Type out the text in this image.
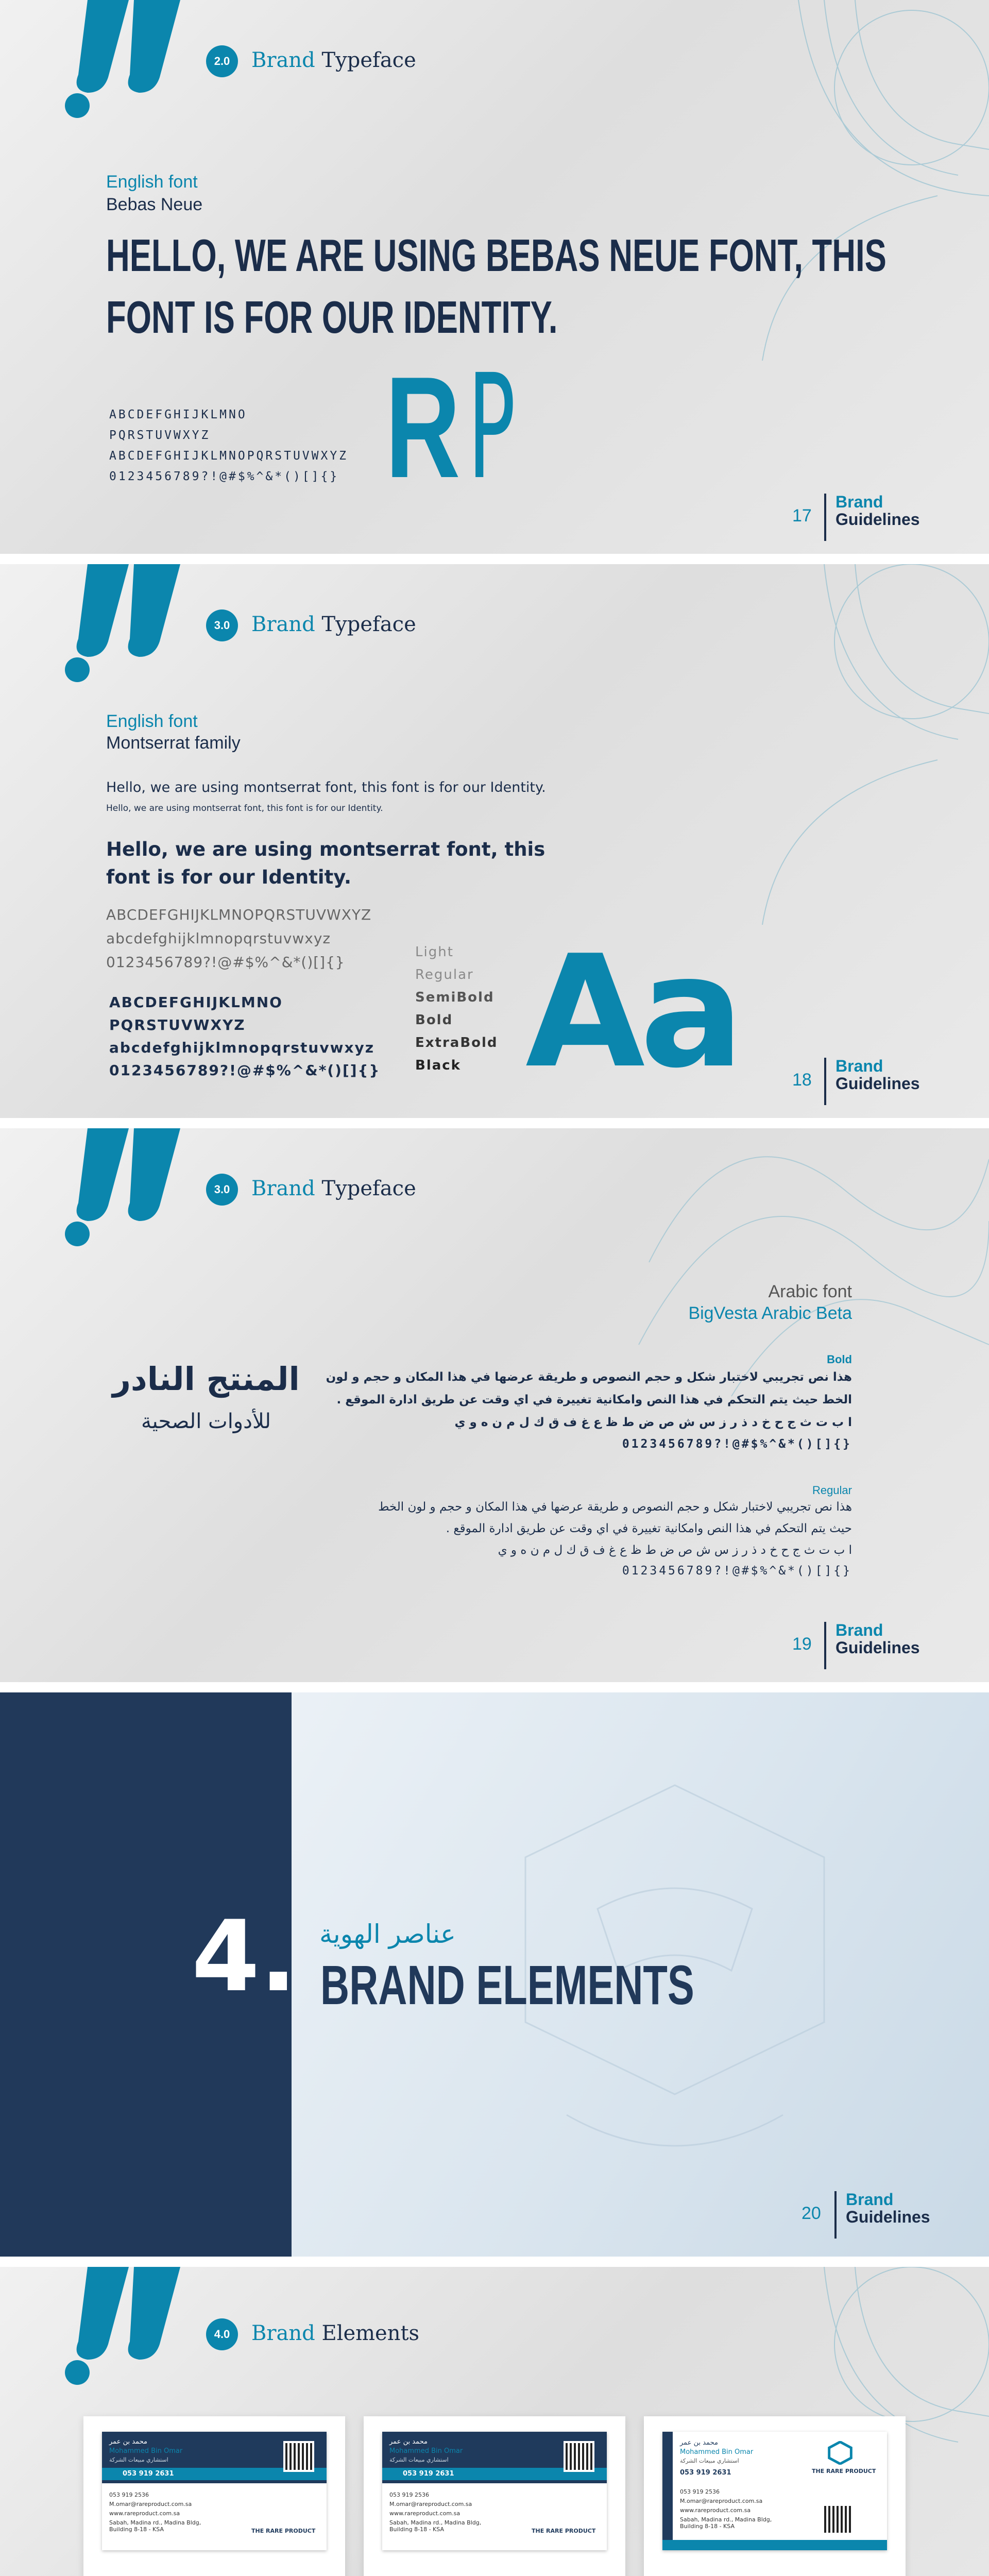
2.0	Brand Typeface
English font
Bebas Neue
HELLO, WE ARE USING BEBAS NEUE FONT, THIS
FONT IS FOR OUR IDENTITY.
ABCDEFGHIJKLMNO
PQRSTUVWXYZ
ABCDEFGHIJKLMNOPQRSTUVWXYZ
0123456789?!@#$%^&*()[]{} R P
17
Brand
Guidelines
3.0	Brand Typeface
English font
Montserrat family
Hello, we are using montserrat font, this font is for our Identity.
Hello, we are using montserrat font, this font is for our Identity.
Hello, we are using montserrat font, this
font is for our Identity.
ABCDEFGHIJKLMNOPQRSTUVWXYZ
abcdefghijklmnopqrstuvwxyz
0123456789?!@#$%^&*()[]{}
ABCDEFGHIJKLMNO
PQRSTUVWXYZ
abcdefghijklmnopqrstuvwxyz
0123456789?!@#$%^&*()[]{}
Light
Regular
SemiBold
Bold
ExtraBold
Black Aa	18
Brand
Guidelines
3.0	Brand Typeface
Arabic font
BigVesta Arabic Beta
المنتج النادر
للأدوات الصحية
Bold
هذا نص تجريبي لاختبار شكل و حجم النصوص و طريقة عرضها في هذا المكان و حجم و لون
الخط حيث يتم التحكم في هذا النص وامكانية تغييرة في اي وقت عن طريق ادارة الموقع .
ا ب ت ث ج ح خ د ذ ر ز س ش ص ض ط ظ ع غ ف ق ك ل م ن ه و ي
0123456789?!@#$%^&*()[]{}
Regular
هذا نص تجريبي لاختبار شكل و حجم النصوص و طريقة عرضها في هذا المكان و حجم و لون الخط
حيث يتم التحكم في هذا النص وامكانية تغييرة في اي وقت عن طريق ادارة الموقع .
ا ب ت ث ج ح خ د ذ ر ز س ش ص ض ط ظ ع غ ف ق ك ل م ن ه و ي
0123456789?!@#$%^&*()[]{}
19
Brand
Guidelines
4. عناصر الهوية
BRAND ELEMENTS
20
Brand
Guidelines
4.0	Brand Elements
محمد بن عمر
Mohammed Bin Omar
استشاري مبيعات الشركة
053 919 2631
053 919 2536
M.omar@rareproduct.com.sa
www.rareproduct.com.sa
Sabah, Madina rd., Madina Bldg, Building 8-18 - KSA	THE RARE PRODUCT
محمد بن عمر
Mohammed Bin Omar
استشاري مبيعات الشركة
053 919 2631
053 919 2536
M.omar@rareproduct.com.sa
www.rareproduct.com.sa
Sabah, Madina rd., Madina Bldg, Building 8-18 - KSA	THE RARE PRODUCT
محمد بن عمر
Mohammed Bin Omar
استشاري مبيعات الشركة
053 919 2631	THE RARE PRODUCT
053 919 2536
M.omar@rareproduct.com.sa
www.rareproduct.com.sa
Sabah, Madina rd., Madina Bldg, Building 8-18 - KSA
